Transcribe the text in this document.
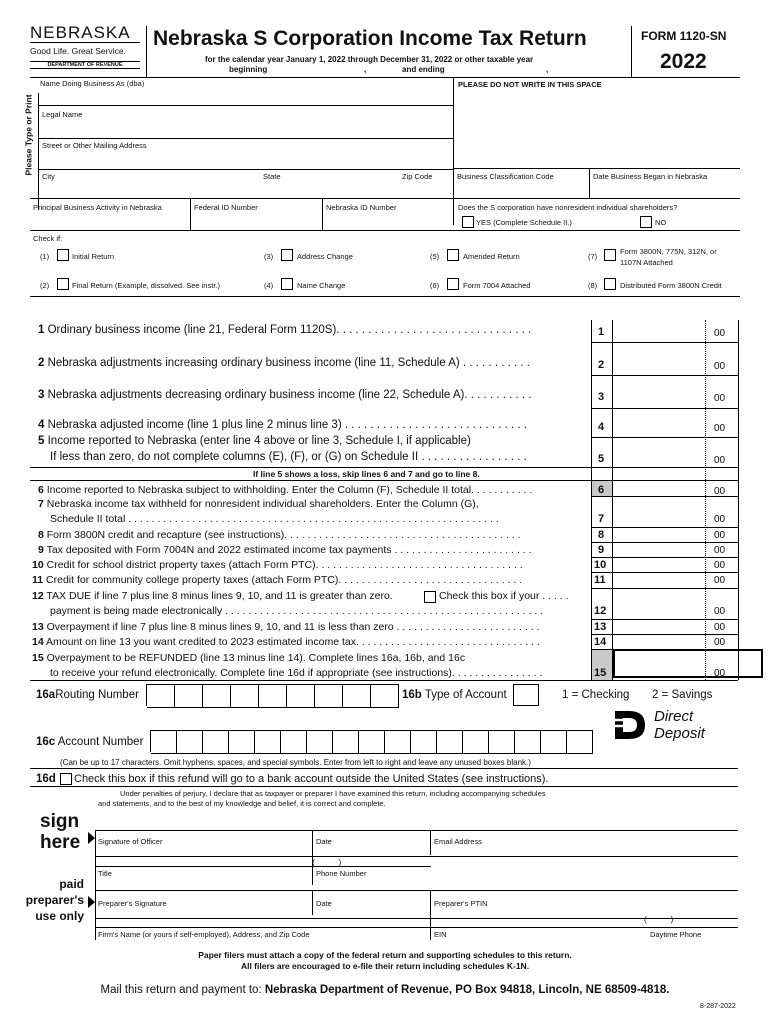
NEBRASKA
Good Life. Great Service.
DEPARTMENT OF REVENUE
Nebraska S Corporation Income Tax Return
for the calendar year January 1, 2022 through December 31, 2022 or other taxable year
beginning	,	and ending	,
FORM 1120-SN
2022
Name Doing Business As (dba)	PLEASE DO NOT WRITE IN THIS SPACE
Please Type or Print Legal Name
Street or Other Mailing Address
City	State	Zip Code	Business Classification Code	Date Business Began in Nebraska
Principal Business Activity in Nebraska	Federal ID Number	Nebraska ID Number	Does the S corporation have nonresident individual shareholders?
YES (Complete Schedule II.)	NO
Check if:
(1)	Initial Return	(3)	Address Change	(5)	Amended Return	(7)
Form 3800N, 775N, 312N, or
1107N Attached
(2)	Final Return (Example, dissolved. See instr.)	(4)	Name Change	(6)	Form 7004 Attached	(8)	Distributed Form 3800N Credit
1 Ordinary business income (line 21, Federal Form 1120S). . . . . . . . . . . . . . . . . . . . . . . . . . . . . . .	1	00
2 Nebraska adjustments increasing ordinary business income (line 11, Schedule A) . . . . . . . . . . .	2	00
3 Nebraska adjustments decreasing ordinary business income (line 22, Schedule A). . . . . . . . . . .	3	00
4 Nebraska adjusted income (line 1 plus line 2 minus line 3) . . . . . . . . . . . . . . . . . . . . . . . . . . . . .	4	00
5 Income reported to Nebraska (enter line 4 above or line 3, Schedule I, if applicable)
If less than zero, do not complete columns (E), (F), or (G) on Schedule II . . . . . . . . . . . . . . . . .	5	00
If line 5 shows a loss, skip lines 6 and 7 and go to line 8.
6 Income reported to Nebraska subject to withholding. Enter the Column (F), Schedule II total. . . . . . . . . . .	6	00
7 Nebraska income tax withheld for nonresident individual shareholders. Enter the Column (G),
Schedule II total . . . . . . . . . . . . . . . . . . . . . . . . . . . . . . . . . . . . . . . . . . . . . . . . . . . . . . . . . . . . . . . .	7	00
8 Form 3800N credit and recapture (see instructions). . . . . . . . . . . . . . . . . . . . . . . . . . . . . . . . . . . . . . . . .	8	00
9 Tax deposited with Form 7004N and 2022 estimated income tax payments . . . . . . . . . . . . . . . . . . . . . . . .	9	00
10 Credit for school district property taxes (attach Form PTC). . . . . . . . . . . . . . . . . . . . . . . . . . . . . . . . . . . .	10	00
11 Credit for community college property taxes (attach Form PTC). . . . . . . . . . . . . . . . . . . . . . . . . . . . . . . .	11	00
12 TAX DUE if line 7 plus line 8 minus lines 9, 10, and 11 is greater than zero.	Check this box if your . . . . .
payment is being made electronically . . . . . . . . . . . . . . . . . . . . . . . . . . . . . . . . . . . . . . . . . . . . . . . . . . . . . . .	12	00
13 Overpayment if line 7 plus line 8 minus lines 9, 10, and 11 is less than zero . . . . . . . . . . . . . . . . . . . . . . . . .	13	00
14 Amount on line 13 you want credited to 2023 estimated income tax. . . . . . . . . . . . . . . . . . . . . . . . . . . . . . . .	14	00
15 Overpayment to be REFUNDED (line 13 minus line 14). Complete lines 16a, 16b, and 16c
to receive your refund electronically. Complete line 16d if appropriate (see instructions). . . . . . . . . . . . . . . .	15	00
16aRouting Number	16b Type of Account	1 = Checking 2 = Savings
Direct
Deposit
16c Account Number
(Can be up to 17 characters. Omit hyphens, spaces, and special symbols. Enter from left to right and leave any unused boxes blank.)
16d Check this box if this refund will go to a bank account outside the United States (see instructions).
Under penalties of perjury, I declare that as taxpayer or preparer I have examined this return, including accompanying schedules
and statements, and to the best of my knowledge and belief, it is correct and complete.
sign
here Signature of Officer	Date	Email Address
(          )
Title	Phone Number
paid
preparer's
use only
Preparer's Signature	Date	Preparer's PTIN
(          )
Firm's Name (or yours if self-employed), Address, and Zip Code	EIN	Daytime Phone
Paper filers must attach a copy of the federal return and supporting schedules to this return.
All filers are encouraged to e-file their return including schedules K-1N.
Mail this return and payment to: Nebraska Department of Revenue, PO Box 94818, Lincoln, NE 68509-4818.
8-287-2022
